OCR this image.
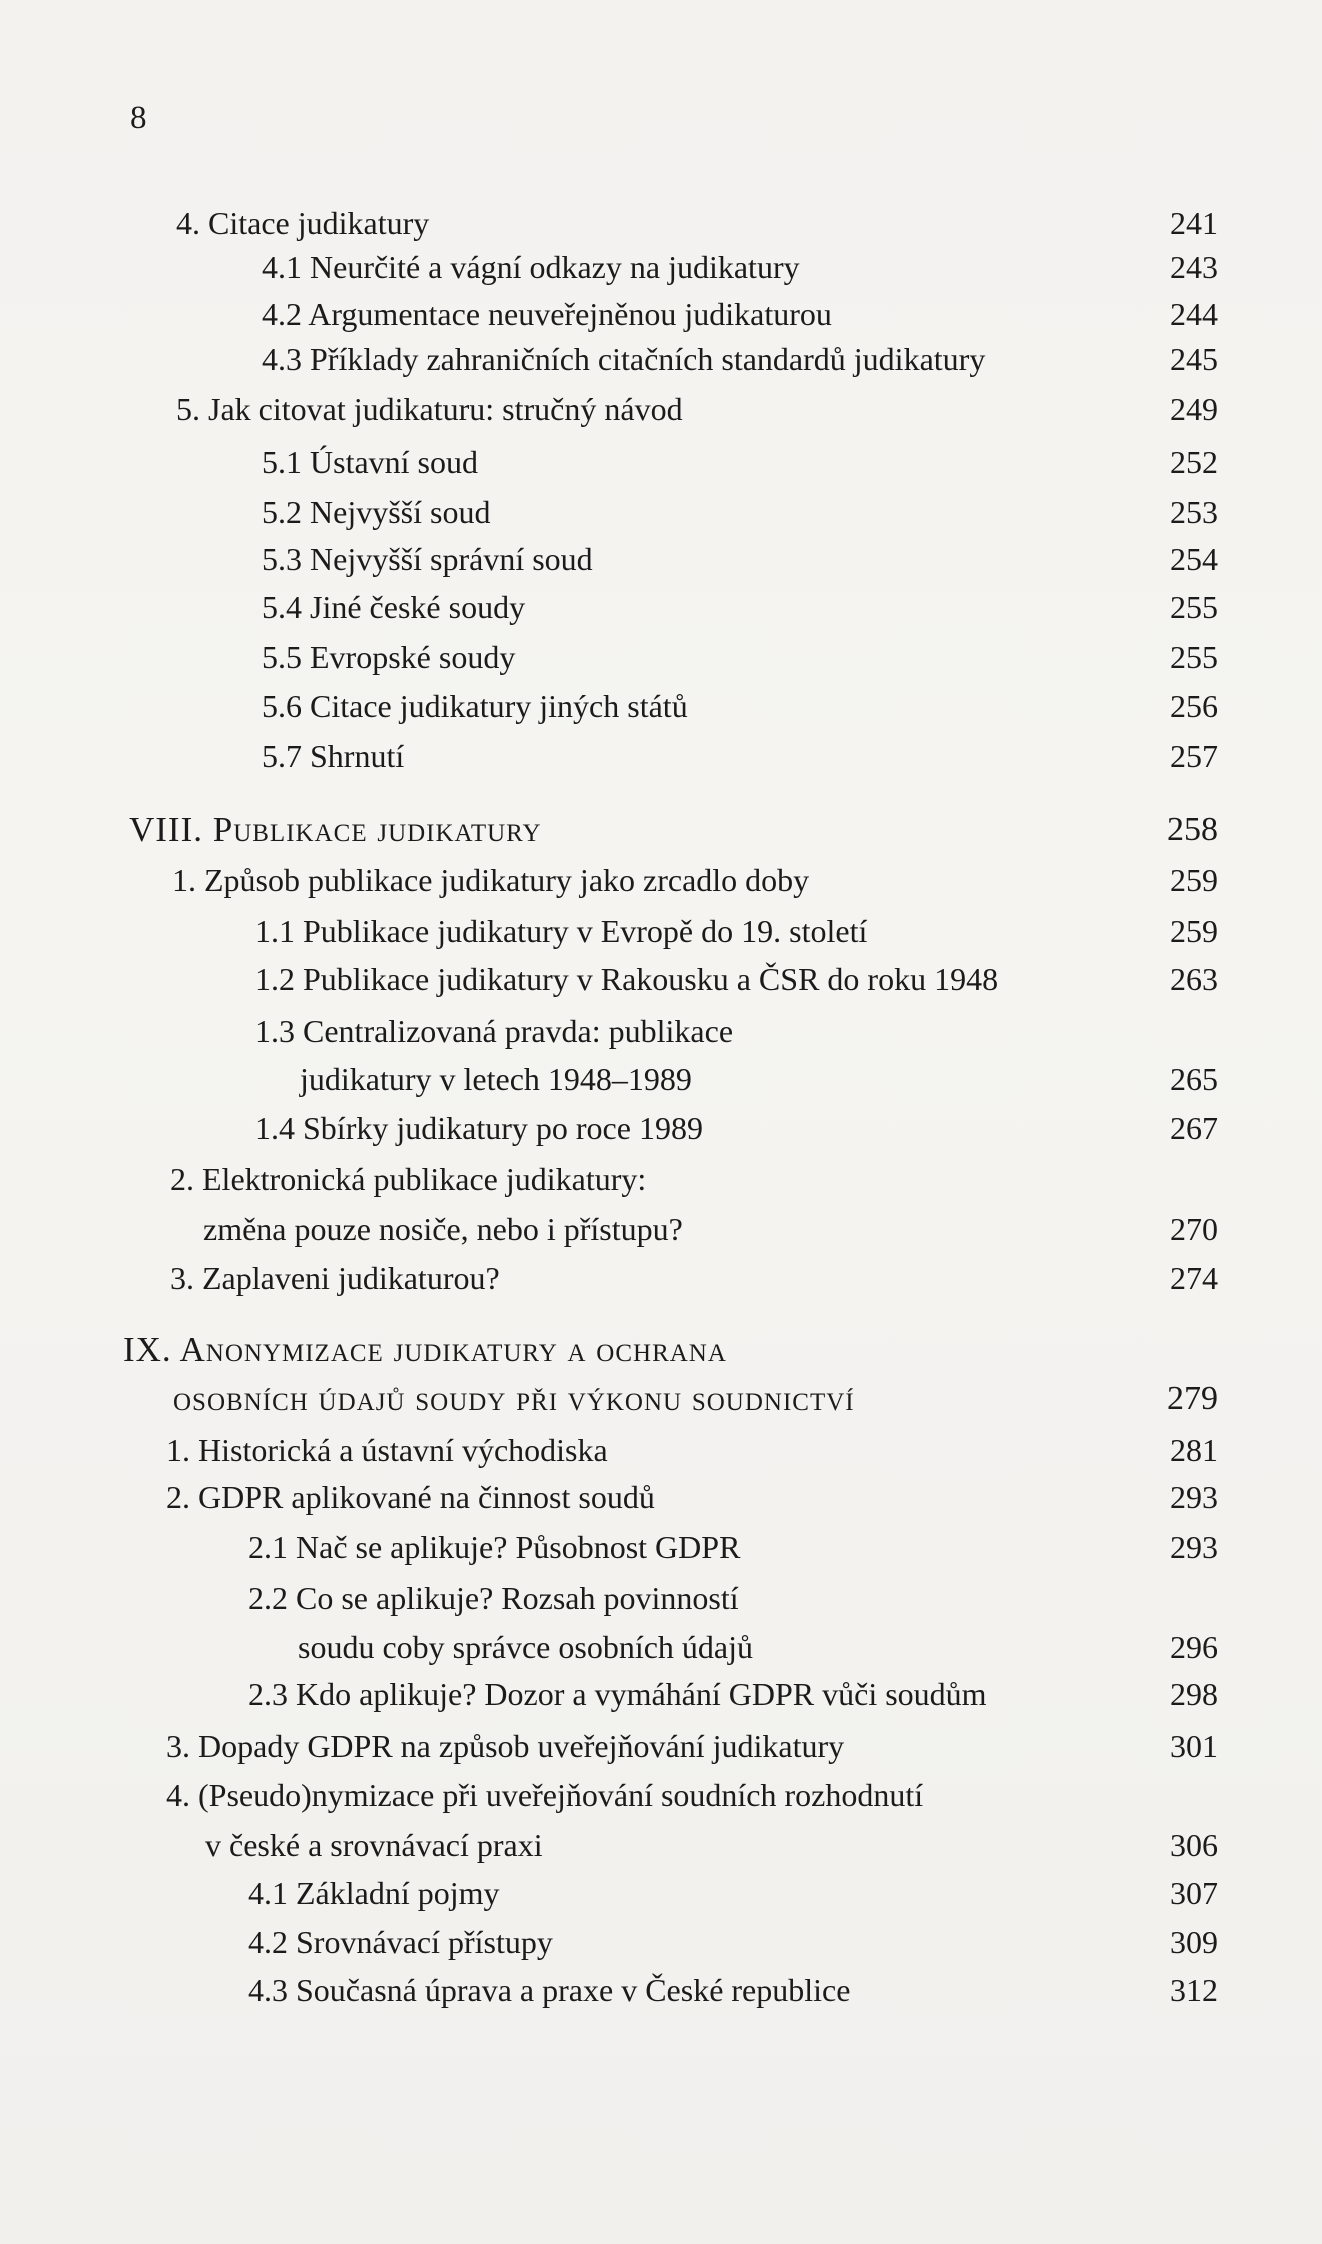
8
4. Citace judikatury	241
4.1 Neurčité a vágní odkazy na judikatury	243
4.2 Argumentace neuveřejněnou judikaturou	244
4.3 Příklady zahraničních citačních standardů judikatury	245
5. Jak citovat judikaturu: stručný návod	249
5.1 Ústavní soud	252
5.2 Nejvyšší soud	253
5.3 Nejvyšší správní soud	254
5.4 Jiné české soudy	255
5.5 Evropské soudy	255
5.6 Citace judikatury jiných států	256
5.7 Shrnutí	257
VIII. Publikace judikatury	258
1. Způsob publikace judikatury jako zrcadlo doby	259
1.1 Publikace judikatury v Evropě do 19. století	259
1.2 Publikace judikatury v Rakousku a ČSR do roku 1948	263
1.3 Centralizovaná pravda: publikace
judikatury v letech 1948–1989	265
1.4 Sbírky judikatury po roce 1989	267
2. Elektronická publikace judikatury:
změna pouze nosiče, nebo i přístupu?	270
3. Zaplaveni judikaturou?	274
IX. Anonymizace judikatury a ochrana
osobních údajů soudy při výkonu soudnictví	279
1. Historická a ústavní východiska	281
2. GDPR aplikované na činnost soudů	293
2.1 Nač se aplikuje? Působnost GDPR	293
2.2 Co se aplikuje? Rozsah povinností
soudu coby správce osobních údajů	296
2.3 Kdo aplikuje? Dozor a vymáhání GDPR vůči soudům	298
3. Dopady GDPR na způsob uveřejňování judikatury	301
4. (Pseudo)nymizace při uveřejňování soudních rozhodnutí
v české a srovnávací praxi	306
4.1 Základní pojmy	307
4.2 Srovnávací přístupy	309
4.3 Současná úprava a praxe v České republice	312
